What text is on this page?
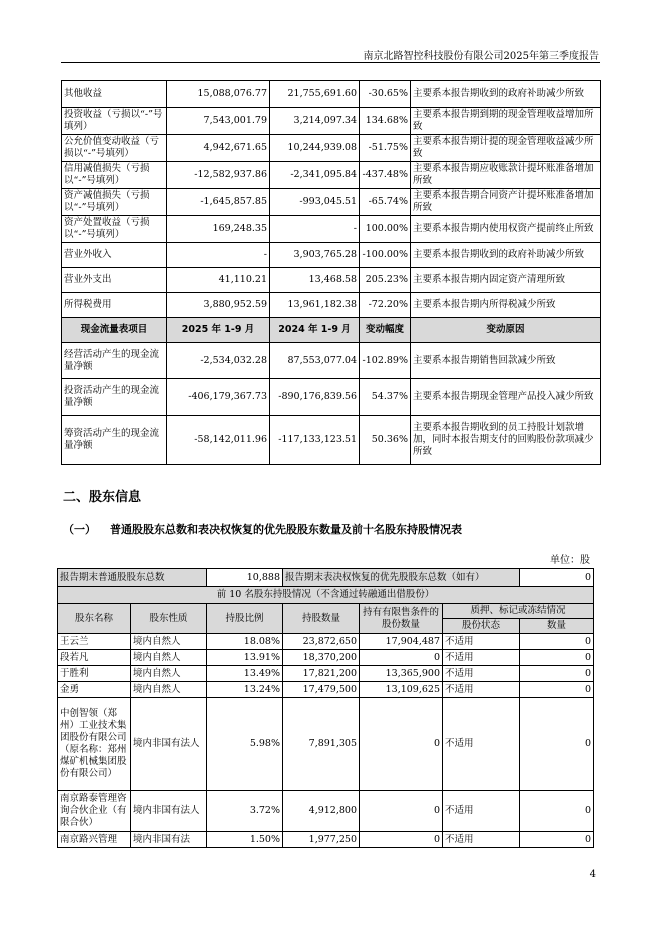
南京北路智控科技股份有限公司2025年第三季度报告
其他收益	15,088,076.77	21,755,691.60	-30.65%	主要系本报告期收到的政府补助减少所致
投资收益（亏损以“-”号填列）	7,543,001.79	3,214,097.34	134.68%	主要系本报告期到期的现金管理收益增加所致
公允价值变动收益（亏损以“-”号填列）	4,942,671.65	10,244,939.08	-51.75%	主要系本报告期计提的现金管理收益减少所致
信用减值损失（亏损以“-”号填列）	-12,582,937.86	-2,341,095.84	-437.48%	主要系本报告期应收账款计提坏账准备增加所致
资产减值损失（亏损以“-”号填列）	-1,645,857.85	-993,045.51	-65.74%	主要系本报告期合同资产计提坏账准备增加所致
资产处置收益（亏损以“-”号填列）	169,248.35	-	100.00%	主要系本报告期内使用权资产提前终止所致
营业外收入	-	3,903,765.28	-100.00%	主要系本报告期收到的政府补助减少所致
营业外支出	41,110.21	13,468.58	205.23%	主要系本报告期内固定资产清理所致
所得税费用	3,880,952.59	13,961,182.38	-72.20%	主要系本报告期内所得税减少所致
现金流量表项目	2025 年 1-9 月	2024 年 1-9 月	变动幅度	变动原因
经营活动产生的现金流量净额	-2,534,032.28	87,553,077.04	-102.89%	主要系本报告期销售回款减少所致
投资活动产生的现金流量净额	-406,179,367.73	-890,176,839.56	54.37%	主要系本报告期现金管理产品投入减少所致
筹资活动产生的现金流量净额	-58,142,011.96	-117,133,123.51	50.36%	主要系本报告期收到的员工持股计划款增加，同时本报告期支付的回购股份款项减少所致
二、股东信息
（一） 普通股股东总数和表决权恢复的优先股股东数量及前十名股东持股情况表
单位：股
报告期末普通股股东总数		10,888	报告期末表决权恢复的优先股股东总数（如有）			0
前 10 名股东持股情况（不含通过转融通出借股份）						
股东名称	股东性质	持股比例	持股数量	持有有限售条件的股份数量	质押、标记或冻结情况	
					股份状态	数量
王云兰	境内自然人	18.08%	23,872,650	17,904,487	不适用	0
段若凡	境内自然人	13.91%	18,370,200	0	不适用	0
于胜利	境内自然人	13.49%	17,821,200	13,365,900	不适用	0
金勇	境内自然人	13.24%	17,479,500	13,109,625	不适用	0
中创智领（郑州）工业技术集团股份有限公司（原名称：郑州煤矿机械集团股份有限公司）	境内非国有法人	5.98%	7,891,305	0	不适用	0
南京路泰管理咨询合伙企业（有限合伙）	境内非国有法人	3.72%	4,912,800	0	不适用	0
南京路兴管理	境内非国有法	1.50%	1,977,250	0	不适用	0
4
